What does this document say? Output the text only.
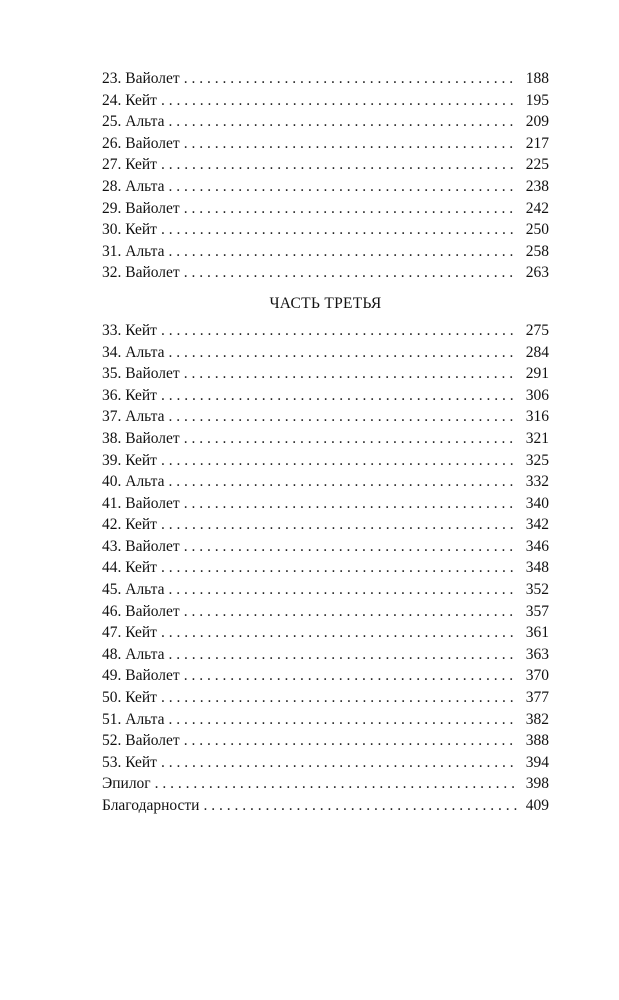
23. Вайолет . . .	188
24. Кейт . . .	195
25. Альта . . .	209
26. Вайолет . . .	217
27. Кейт . . .	225
28. Альта . . .	238
29. Вайолет . . .	242
30. Кейт . . .	250
31. Альта . . .	258
32. Вайолет . . .	263
ЧАСТЬ ТРЕТЬЯ
33. Кейт . . .	275
34. Альта . . .	284
35. Вайолет . . .	291
36. Кейт . . .	306
37. Альта . . .	316
38. Вайолет . . .	321
39. Кейт . . .	325
40. Альта . . .	332
41. Вайолет . . .	340
42. Кейт . . .	342
43. Вайолет . . .	346
44. Кейт . . .	348
45. Альта . . .	352
46. Вайолет . . .	357
47. Кейт . . .	361
48. Альта . . .	363
49. Вайолет . . .	370
50. Кейт . . .	377
51. Альта . . .	382
52. Вайолет . . .	388
53. Кейт . . .	394
Эпилог . . .	398
Благодарности . . .	409
